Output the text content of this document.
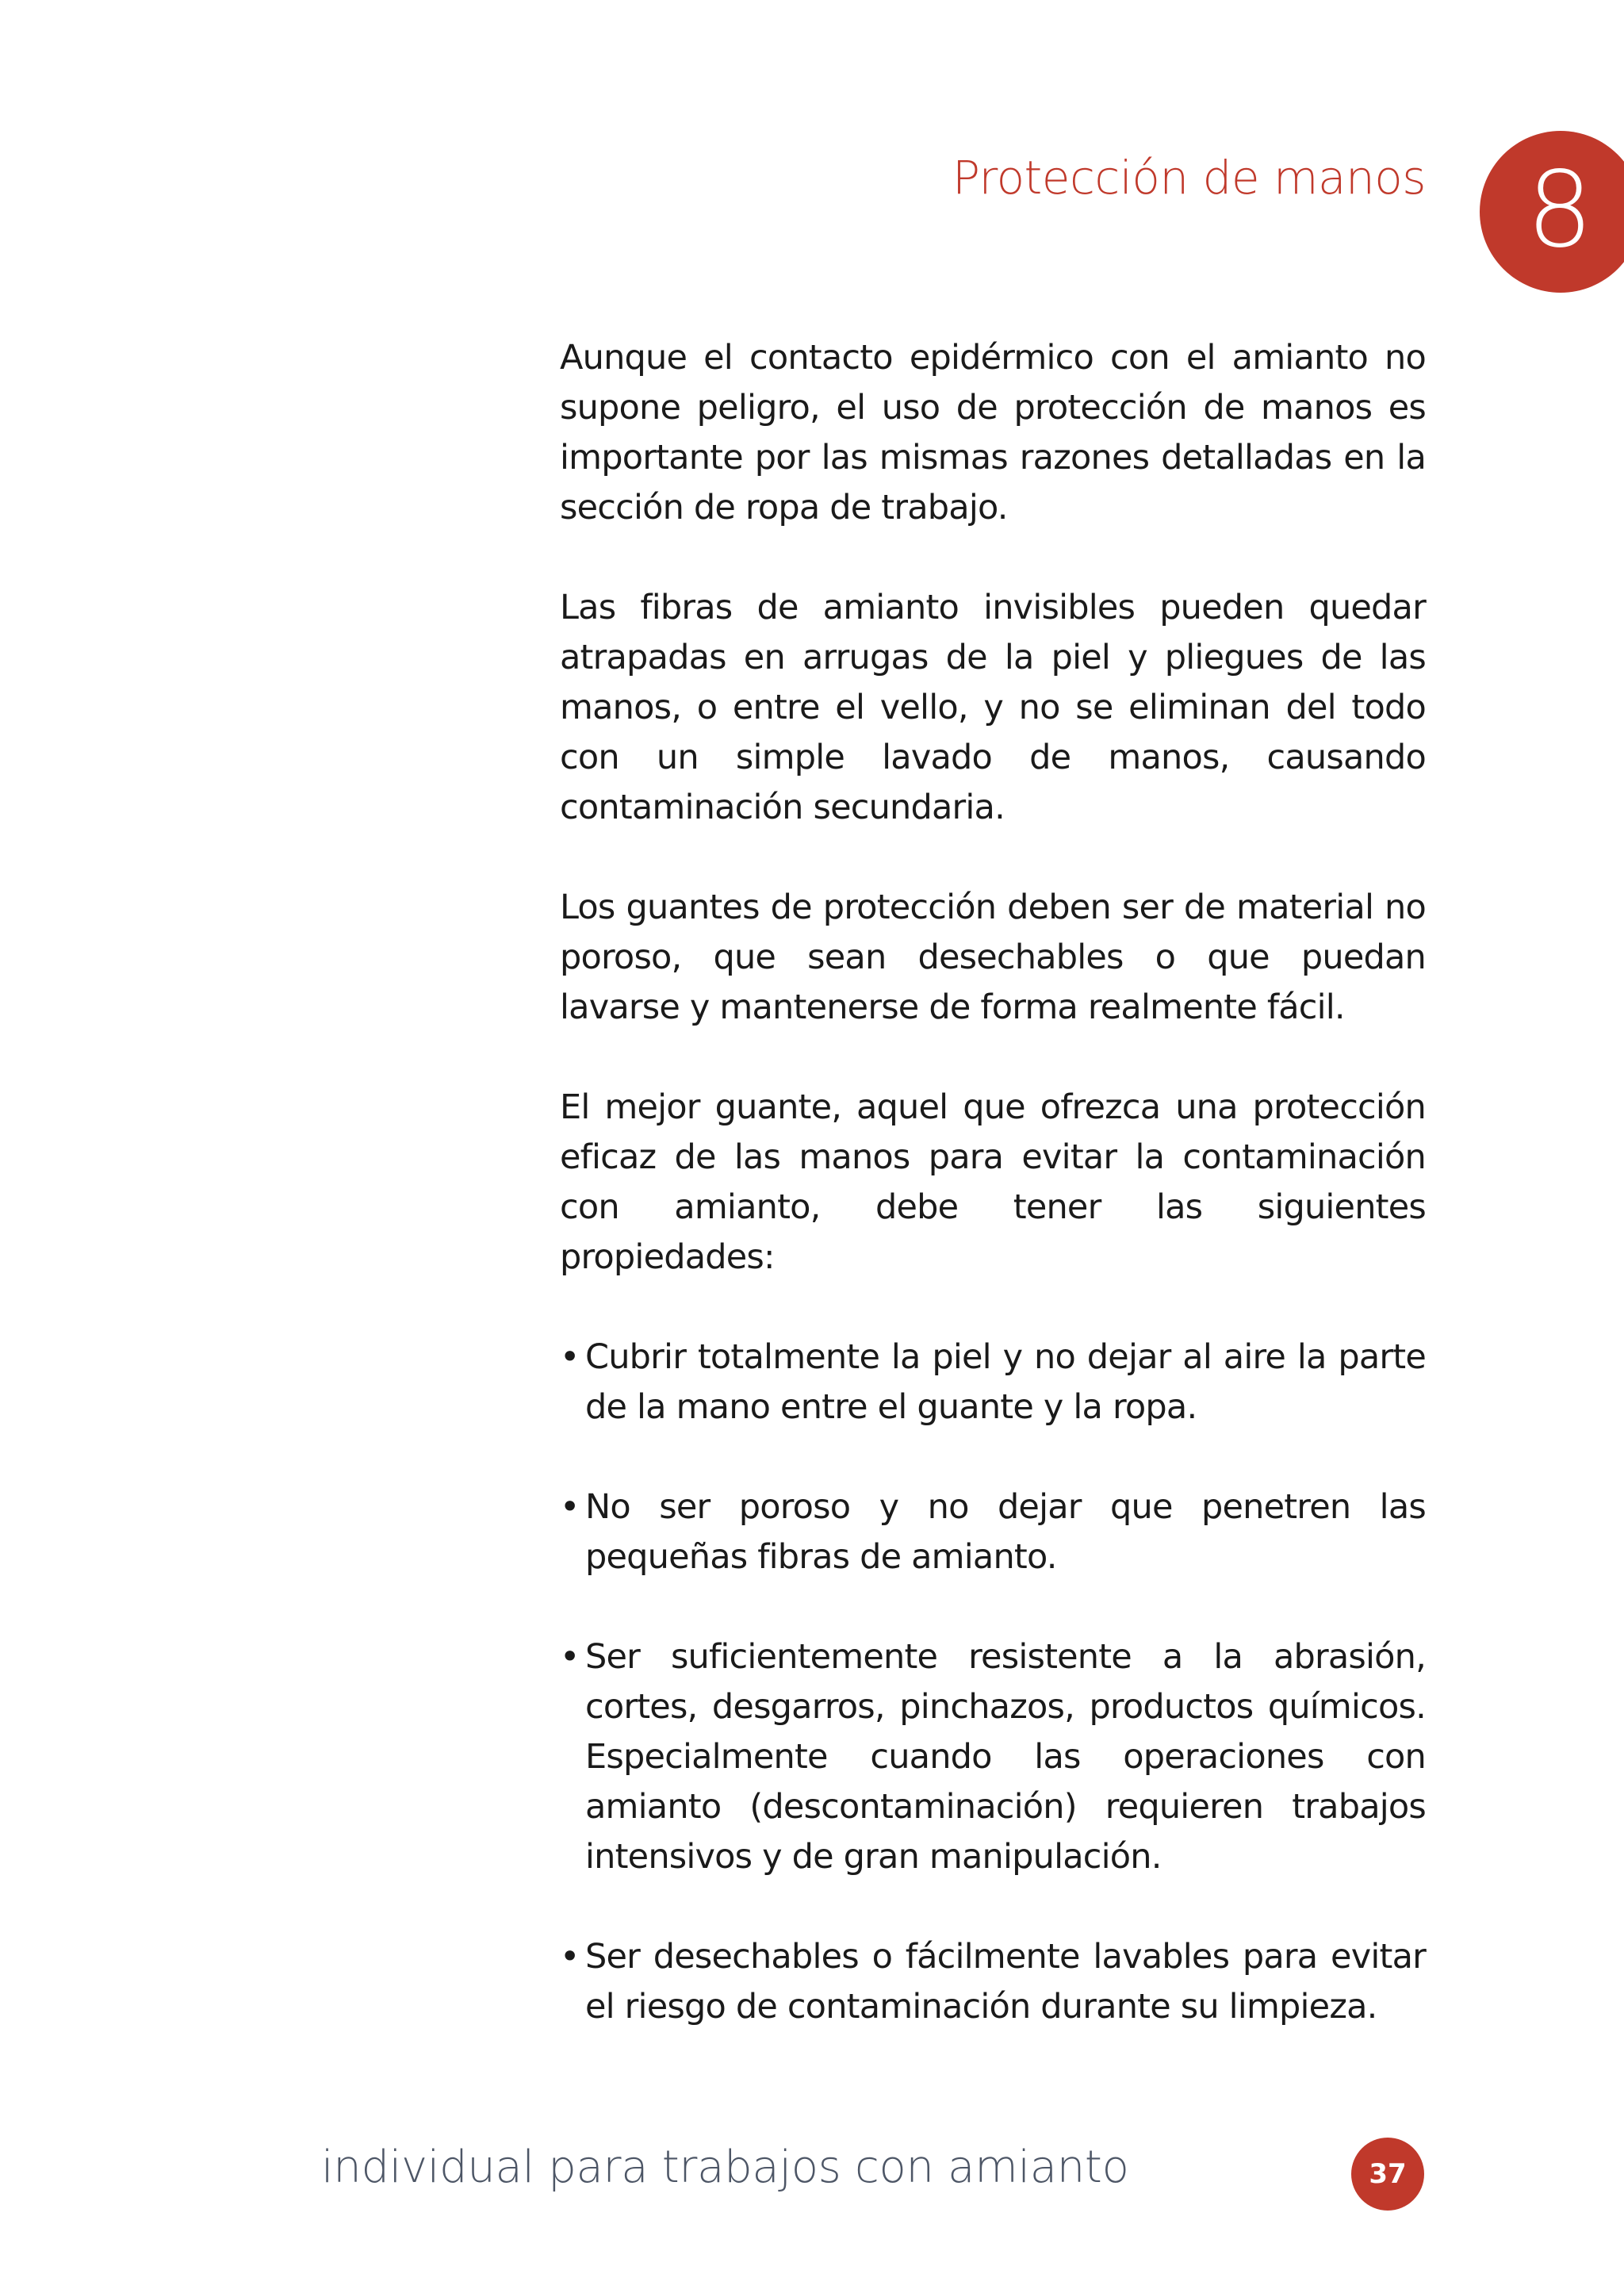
Protección de manos 8

Aunque el contacto epidérmico con el amianto no supone peligro, el uso de protección de manos es importante por las mismas razones detalladas en la sección de ropa de trabajo.

Las fibras de amianto invisibles pueden quedar atrapadas en arrugas de la piel y pliegues de las manos, o entre el vello, y no se eliminan del todo con un simple lavado de manos, causando contaminación secundaria.

Los guantes de protección deben ser de material no poroso, que sean desechables o que puedan lavarse y mantenerse de forma realmente fácil.

El mejor guante, aquel que ofrezca una protección eficaz de las manos para evitar la contaminación con amianto, debe tener las siguientes propiedades:

• Cubrir totalmente la piel y no dejar al aire la parte de la mano entre el guante y la ropa.
• No ser poroso y no dejar que penetren las pequeñas fibras de amianto.
• Ser suficientemente resistente a la abrasión, cortes, desgarros, pinchazos, productos químicos. Especialmente cuando las operaciones con amianto (descontaminación) requieren trabajos intensivos y de gran manipulación.
• Ser desechables o fácilmente lavables para evitar el riesgo de contaminación durante su limpieza.
individual para trabajos con amianto	37
